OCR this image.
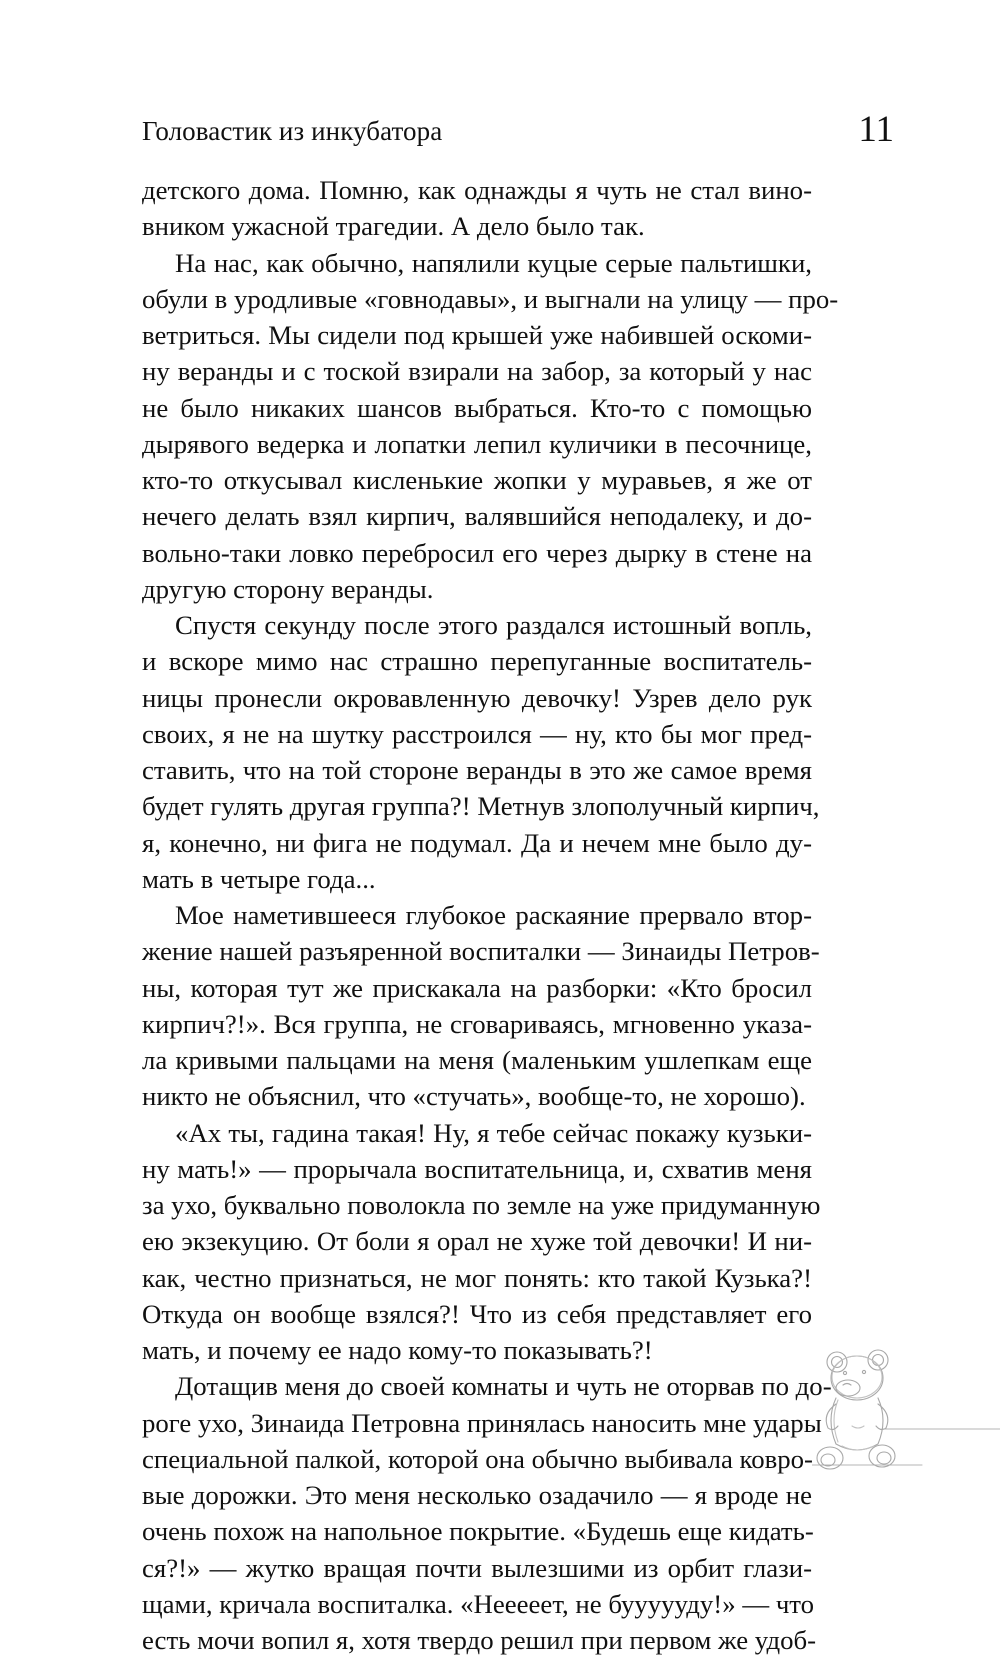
Головастик из инкубатора	11
детского дома. Помню, как однажды я чуть не стал вино-
вником ужасной трагедии. А дело было так.
На нас, как обычно, напялили куцые серые пальтишки,
обули в уродливые «говнодавы», и выгнали на улицу — про-
ветриться. Мы сидели под крышей уже набившей оскоми-
ну веранды и с тоской взирали на забор, за который у нас
не было никаких шансов выбраться. Кто-то с помощью
дырявого ведерка и лопатки лепил куличики в песочнице,
кто-то откусывал кисленькие жопки у муравьев, я же от
нечего делать взял кирпич, валявшийся неподалеку, и до-
вольно-таки ловко перебросил его через дырку в стене на
другую сторону веранды.
Спустя секунду после этого раздался истошный вопль,
и вскоре мимо нас страшно перепуганные воспитатель-
ницы пронесли окровавленную девочку! Узрев дело рук
своих, я не на шутку расстроился — ну, кто бы мог пред-
ставить, что на той стороне веранды в это же самое время
будет гулять другая группа?! Метнув злополучный кирпич,
я, конечно, ни фига не подумал. Да и нечем мне было ду-
мать в четыре года...
Мое наметившееся глубокое раскаяние прервало втор-
жение нашей разъяренной воспиталки — Зинаиды Петров-
ны, которая тут же прискакала на разборки: «Кто бросил
кирпич?!». Вся группа, не сговариваясь, мгновенно указа-
ла кривыми пальцами на меня (маленьким ушлепкам еще
никто не объяснил, что «стучать», вообще-то, не хорошо).
«Ах ты, гадина такая! Ну, я тебе сейчас покажу кузьки-
ну мать!» — прорычала воспитательница, и, схватив меня
за ухо, буквально поволокла по земле на уже придуманную
ею экзекуцию. От боли я орал не хуже той девочки! И ни-
как, честно признаться, не мог понять: кто такой Кузька?!
Откуда он вообще взялся?! Что из себя представляет его
мать, и почему ее надо кому-то показывать?!
Дотащив меня до своей комнаты и чуть не оторвав по до-
роге ухо, Зинаида Петровна принялась наносить мне удары
специальной палкой, которой она обычно выбивала ковро-
вые дорожки. Это меня несколько озадачило — я вроде не
очень похож на напольное покрытие. «Будешь еще кидать-
ся?!» — жутко вращая почти вылезшими из орбит глази-
щами, кричала воспиталка. «Нееееет, не буууууду!» — что
есть мочи вопил я, хотя твердо решил при первом же удоб-
